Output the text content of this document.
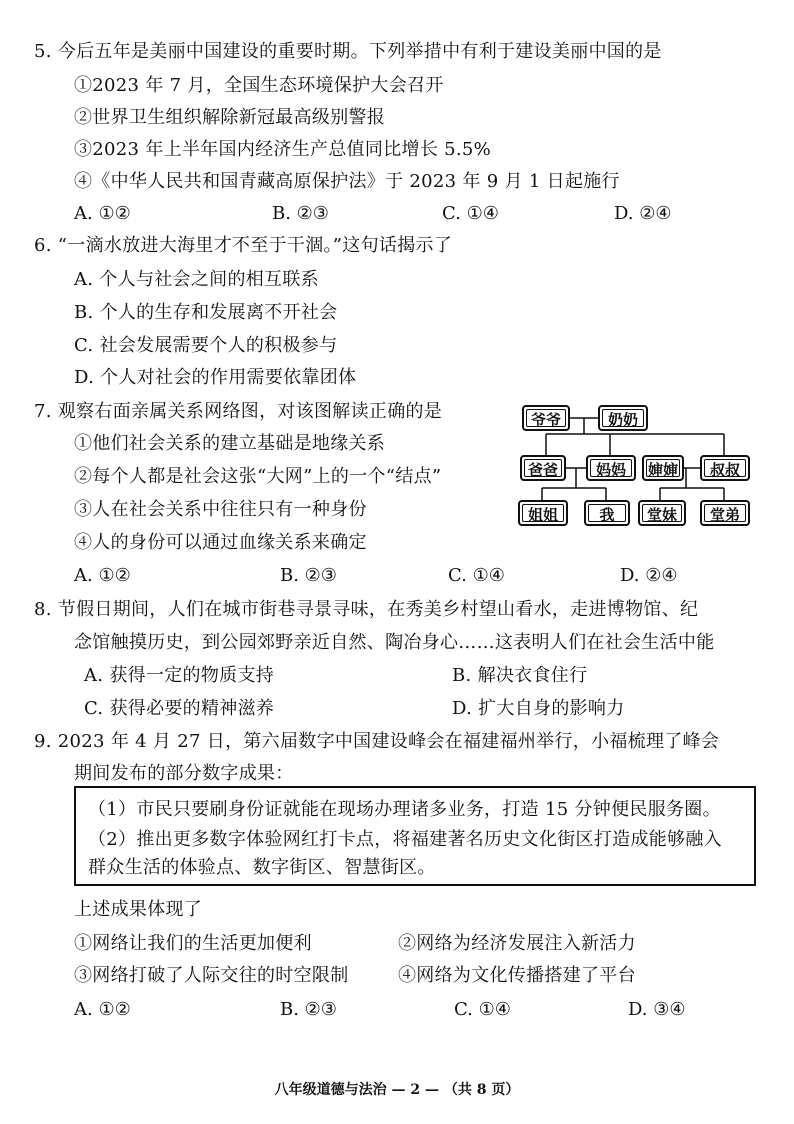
5. 今后五年是美丽中国建设的重要时期。下列举措中有利于建设美丽中国的是
①2023 年 7 月，全国生态环境保护大会召开
②世界卫生组织解除新冠最高级别警报
③2023 年上半年国内经济生产总值同比增长 5.5%
④《中华人民共和国青藏高原保护法》于 2023 年 9 月 1 日起施行
A. ①②	B. ②③	C. ①④	D. ②④
6. “一滴水放进大海里才不至于干涸。”这句话揭示了
A. 个人与社会之间的相互联系
B. 个人的生存和发展离不开社会
C. 社会发展需要个人的积极参与
D. 个人对社会的作用需要依靠团体
7. 观察右面亲属关系网络图，对该图解读正确的是
①他们社会关系的建立基础是地缘关系
②每个人都是社会这张“大网”上的一个“结点”
③人在社会关系中往往只有一种身份
④人的身份可以通过血缘关系来确定
A. ①②	B. ②③	C. ①④	D. ②④
爷爷	奶奶
爸爸	妈妈	婶婶	叔叔
姐姐	我	堂妹	堂弟
8. 节假日期间，人们在城市街巷寻景寻味，在秀美乡村望山看水，走进博物馆、纪
念馆触摸历史，到公园郊野亲近自然、陶冶身心……这表明人们在社会生活中能
A. 获得一定的物质支持	B. 解决衣食住行
C. 获得必要的精神滋养	D. 扩大自身的影响力
9. 2023 年 4 月 27 日，第六届数字中国建设峰会在福建福州举行，小福梳理了峰会
期间发布的部分数字成果：
（1）市民只要刷身份证就能在现场办理诸多业务，打造 15 分钟便民服务圈。
（2）推出更多数字体验网红打卡点，将福建著名历史文化街区打造成能够融入
群众生活的体验点、数字街区、智慧街区。
上述成果体现了
①网络让我们的生活更加便利	②网络为经济发展注入新活力
③网络打破了人际交往的时空限制	④网络为文化传播搭建了平台
A. ①②	B. ②③	C. ①④	D. ③④
八年级道德与法治 — 2 — （共 8 页）
